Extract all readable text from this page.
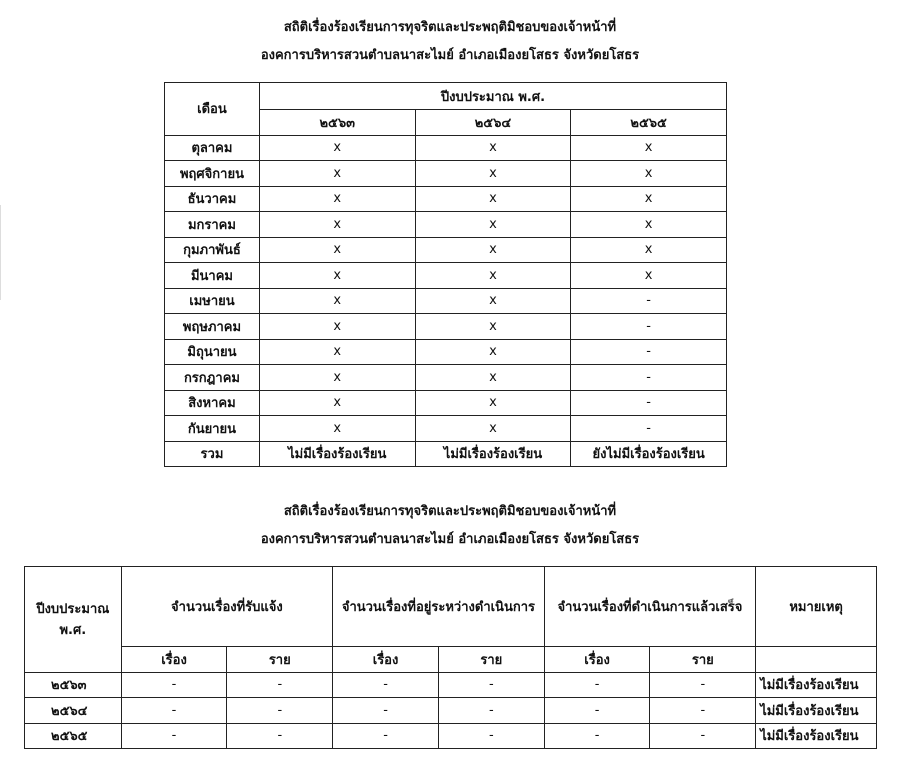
สถิติเรื่องร้องเรียนการทุจริตและประพฤติมิชอบของเจ้าหน้าที่
องคการบริหารสวนตำบลนาสะไมย์ อำเภอเมืองยโสธร จังหวัดยโสธร
เดือน	ปีงบประมาณ พ.ศ.		
	๒๕๖๓	๒๕๖๔	๒๕๖๕
ตุลาคม	x	x	x
พฤศจิกายน	x	x	x
ธันวาคม	x	x	x
มกราคม	x	x	x
กุมภาพันธ์	x	x	x
มีนาคม	x	x	x
เมษายน	x	x	-
พฤษภาคม	x	x	-
มิถุนายน	x	x	-
กรกฎาคม	x	x	-
สิงหาคม	x	x	-
กันยายน	x	x	-
รวม	ไม่มีเรื่องร้องเรียน	ไม่มีเรื่องร้องเรียน	ยังไม่มีเรื่องร้องเรียน
สถิติเรื่องร้องเรียนการทุจริตและประพฤติมิชอบของเจ้าหน้าที่
องคการบริหารสวนตำบลนาสะไมย์ อำเภอเมืองยโสธร จังหวัดยโสธร
ปีงบประมาณ
พ.ศ.	จำนวนเรื่องที่รับแจ้ง		จำนวนเรื่องที่อยู่ระหว่างดำเนินการ		จำนวนเรื่องที่ดำเนินการแล้วเสร็จ		หมายเหตุ
	เรื่อง	ราย	เรื่อง	ราย	เรื่อง	ราย	
๒๕๖๓	-	-	-	-	-	-	ไม่มีเรื่องร้องเรียน
๒๕๖๔	-	-	-	-	-	-	ไม่มีเรื่องร้องเรียน
๒๕๖๕	-	-	-	-	-	-	ไม่มีเรื่องร้องเรียน
